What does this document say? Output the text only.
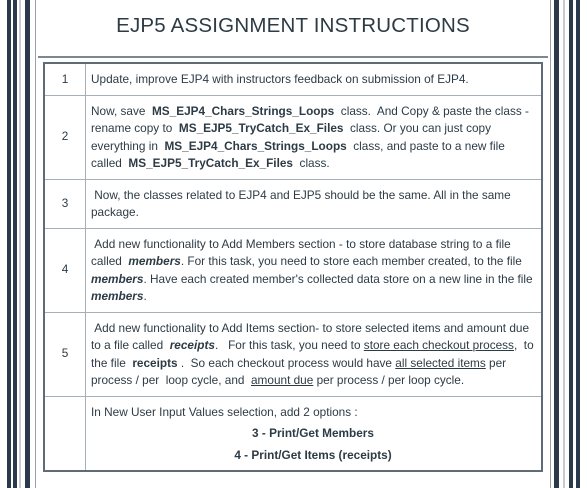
EJP5 ASSIGNMENT INSTRUCTIONS
1	Update, improve EJP4 with instructors feedback on submission of EJP4.
2	Now, save  MS_EJP4_Chars_Strings_Loops  class.  And Copy & paste the class - rename copy to  MS_EJP5_TryCatch_Ex_Files  class. Or you can just copy everything in  MS_EJP4_Chars_Strings_Loops  class, and paste to a new file called  MS_EJP5_TryCatch_Ex_Files  class.
3	Now, the classes related to EJP4 and EJP5 should be the same. All in the same package.
4	Add new functionality to Add Members section - to store database string to a file called  members. For this task, you need to store each member created, to the file members. Have each created member's collected data store on a new line in the file  members.
5	Add new functionality to Add Items section- to store selected items and amount due to a file called  receipts.   For this task, you need to store each checkout process,  to the file  receipts .  So each checkout process would have all selected items per process / per  loop cycle, and  amount due per process / per loop cycle.
	In New User Input Values selection, add 2 options :
3 - Print/Get Members
4 - Print/Get Items (receipts)
